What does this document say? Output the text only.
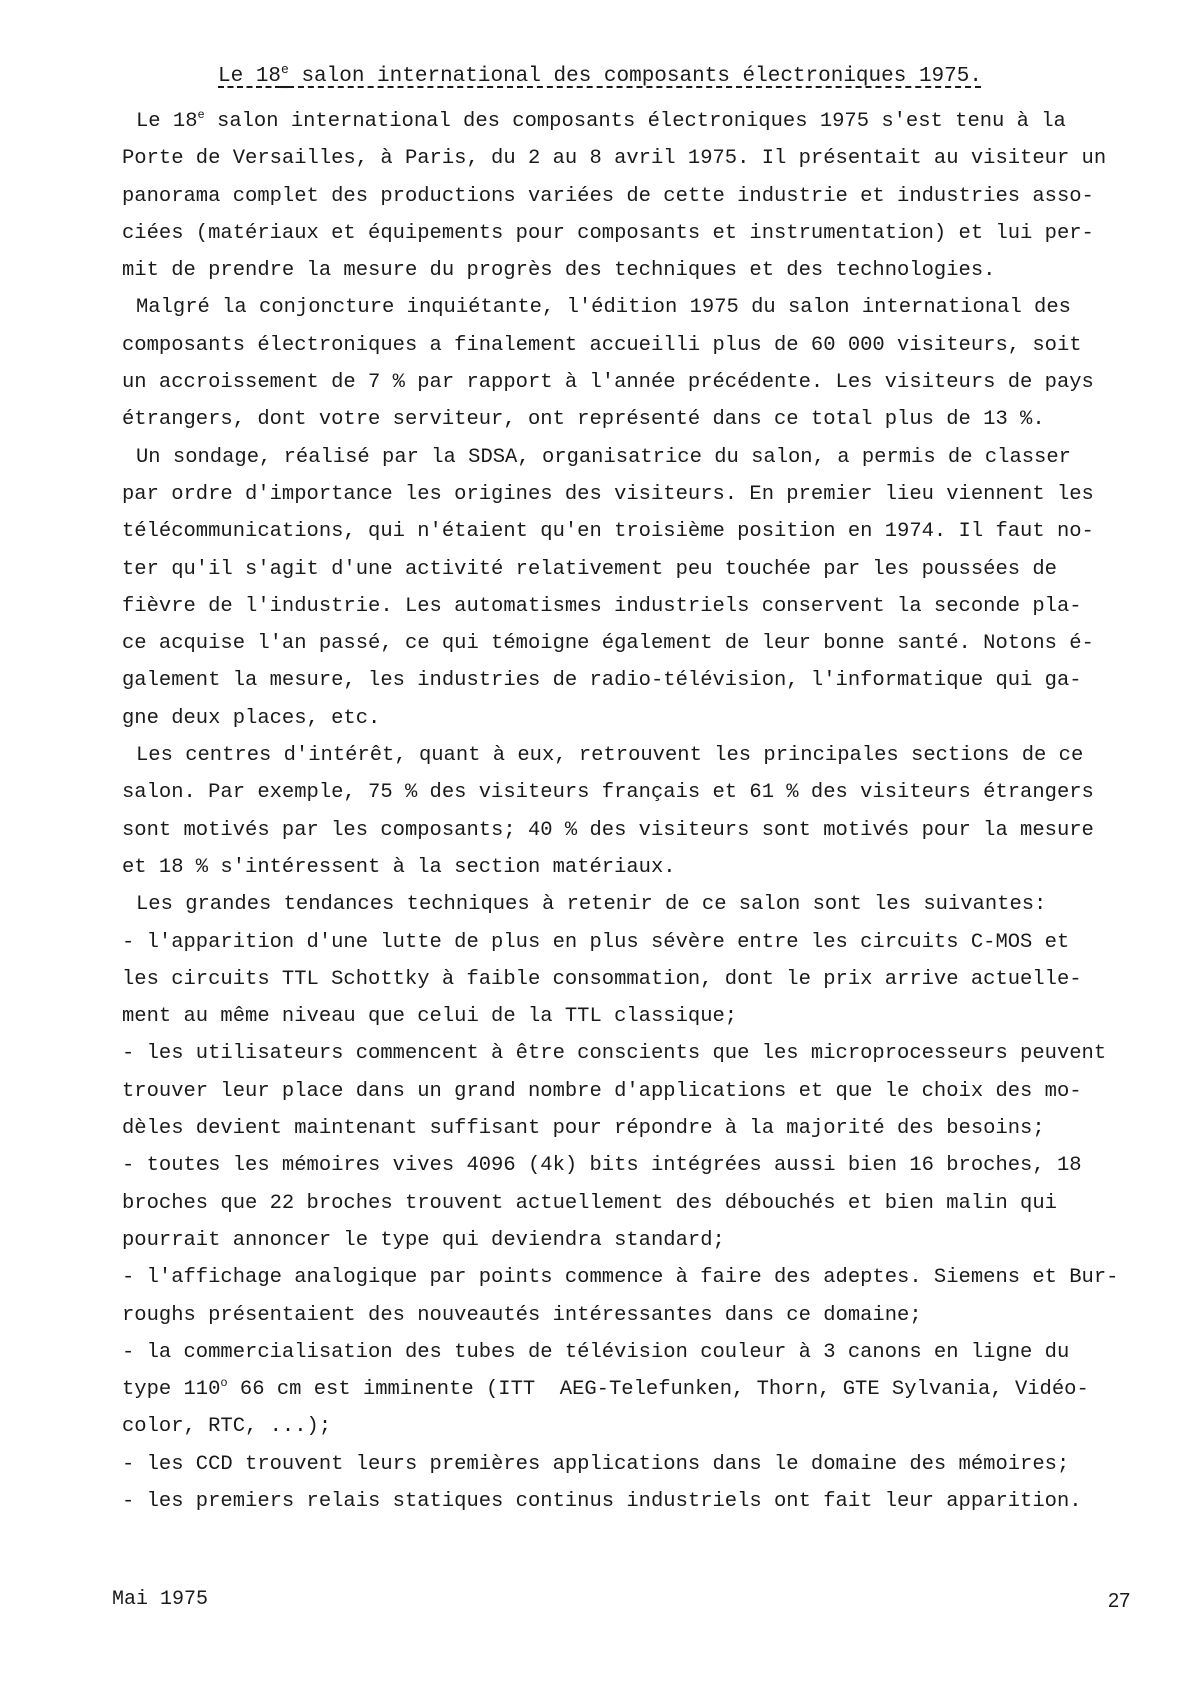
Le 18e salon international des composants électroniques 1975.

Le 18e salon international des composants électroniques 1975 s'est tenu à la

Porte de Versailles, à Paris, du 2 au 8 avril 1975. Il présentait au visiteur un

panorama complet des productions variées de cette industrie et industries asso-

ciées (matériaux et équipements pour composants et instrumentation) et lui per-

mit de prendre la mesure du progrès des techniques et des technologies.

Malgré la conjoncture inquiétante, l'édition 1975 du salon international des

composants électroniques a finalement accueilli plus de 60 000 visiteurs, soit

un accroissement de 7 % par rapport à l'année précédente. Les visiteurs de pays

étrangers, dont votre serviteur, ont représenté dans ce total plus de 13 %.

Un sondage, réalisé par la SDSA, organisatrice du salon, a permis de classer

par ordre d'importance les origines des visiteurs. En premier lieu viennent les

télécommunications, qui n'étaient qu'en troisième position en 1974. Il faut no-

ter qu'il s'agit d'une activité relativement peu touchée par les poussées de

fièvre de l'industrie. Les automatismes industriels conservent la seconde pla-

ce acquise l'an passé, ce qui témoigne également de leur bonne santé. Notons é-

galement la mesure, les industries de radio-télévision, l'informatique qui ga-

gne deux places, etc.

Les centres d'intérêt, quant à eux, retrouvent les principales sections de ce

salon. Par exemple, 75 % des visiteurs français et 61 % des visiteurs étrangers

sont motivés par les composants; 40 % des visiteurs sont motivés pour la mesure

et 18 % s'intéressent à la section matériaux.

Les grandes tendances techniques à retenir de ce salon sont les suivantes:

- l'apparition d'une lutte de plus en plus sévère entre les circuits C-MOS et

les circuits TTL Schottky à faible consommation, dont le prix arrive actuelle-

ment au même niveau que celui de la TTL classique;

- les utilisateurs commencent à être conscients que les microprocesseurs peuvent

trouver leur place dans un grand nombre d'applications et que le choix des mo-

dèles devient maintenant suffisant pour répondre à la majorité des besoins;

- toutes les mémoires vives 4096 (4k) bits intégrées aussi bien 16 broches, 18

broches que 22 broches trouvent actuellement des débouchés et bien malin qui

pourrait annoncer le type qui deviendra standard;

- l'affichage analogique par points commence à faire des adeptes. Siemens et Bur-

roughs présentaient des nouveautés intéressantes dans ce domaine;

- la commercialisation des tubes de télévision couleur à 3 canons en ligne du

type 110$^o$ 66 cm est imminente (ITT  AEG-Telefunken, Thorn, GTE Sylvania, Vidéo-

color, RTC, ...);

- les CCD trouvent leurs premières applications dans le domaine des mémoires;

- les premiers relais statiques continus industriels ont fait leur apparition.

Mai 1975	27
